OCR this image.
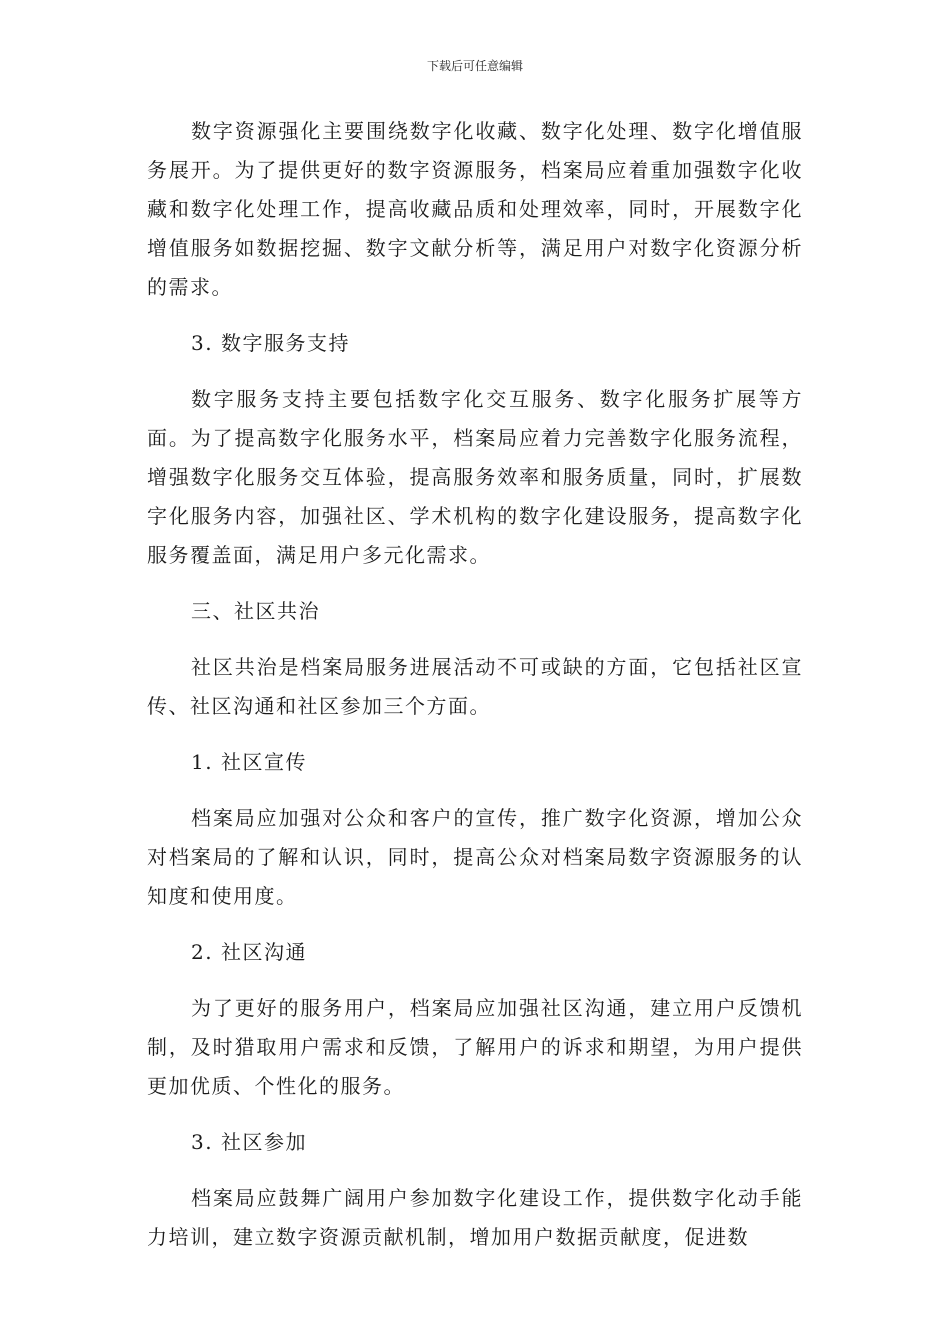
下载后可任意编辑

数字资源强化主要围绕数字化收藏、数字化处理、数字化增值服务展开。为了提供更好的数字资源服务，档案局应着重加强数字化收藏和数字化处理工作，提高收藏品质和处理效率，同时，开展数字化增值服务如数据挖掘、数字文献分析等，满足用户对数字化资源分析的需求。

3. 数字服务支持

数字服务支持主要包括数字化交互服务、数字化服务扩展等方面。为了提高数字化服务水平，档案局应着力完善数字化服务流程，增强数字化服务交互体验，提高服务效率和服务质量，同时，扩展数字化服务内容，加强社区、学术机构的数字化建设服务，提高数字化服务覆盖面，满足用户多元化需求。

三、社区共治

社区共治是档案局服务进展活动不可或缺的方面，它包括社区宣传、社区沟通和社区参加三个方面。

1. 社区宣传

档案局应加强对公众和客户的宣传，推广数字化资源，增加公众对档案局的了解和认识，同时，提高公众对档案局数字资源服务的认知度和使用度。

2. 社区沟通

为了更好的服务用户，档案局应加强社区沟通，建立用户反馈机制，及时猎取用户需求和反馈，了解用户的诉求和期望，为用户提供更加优质、个性化的服务。

3. 社区参加

档案局应鼓舞广阔用户参加数字化建设工作，提供数字化动手能力培训，建立数字资源贡献机制，增加用户数据贡献度，促进数
